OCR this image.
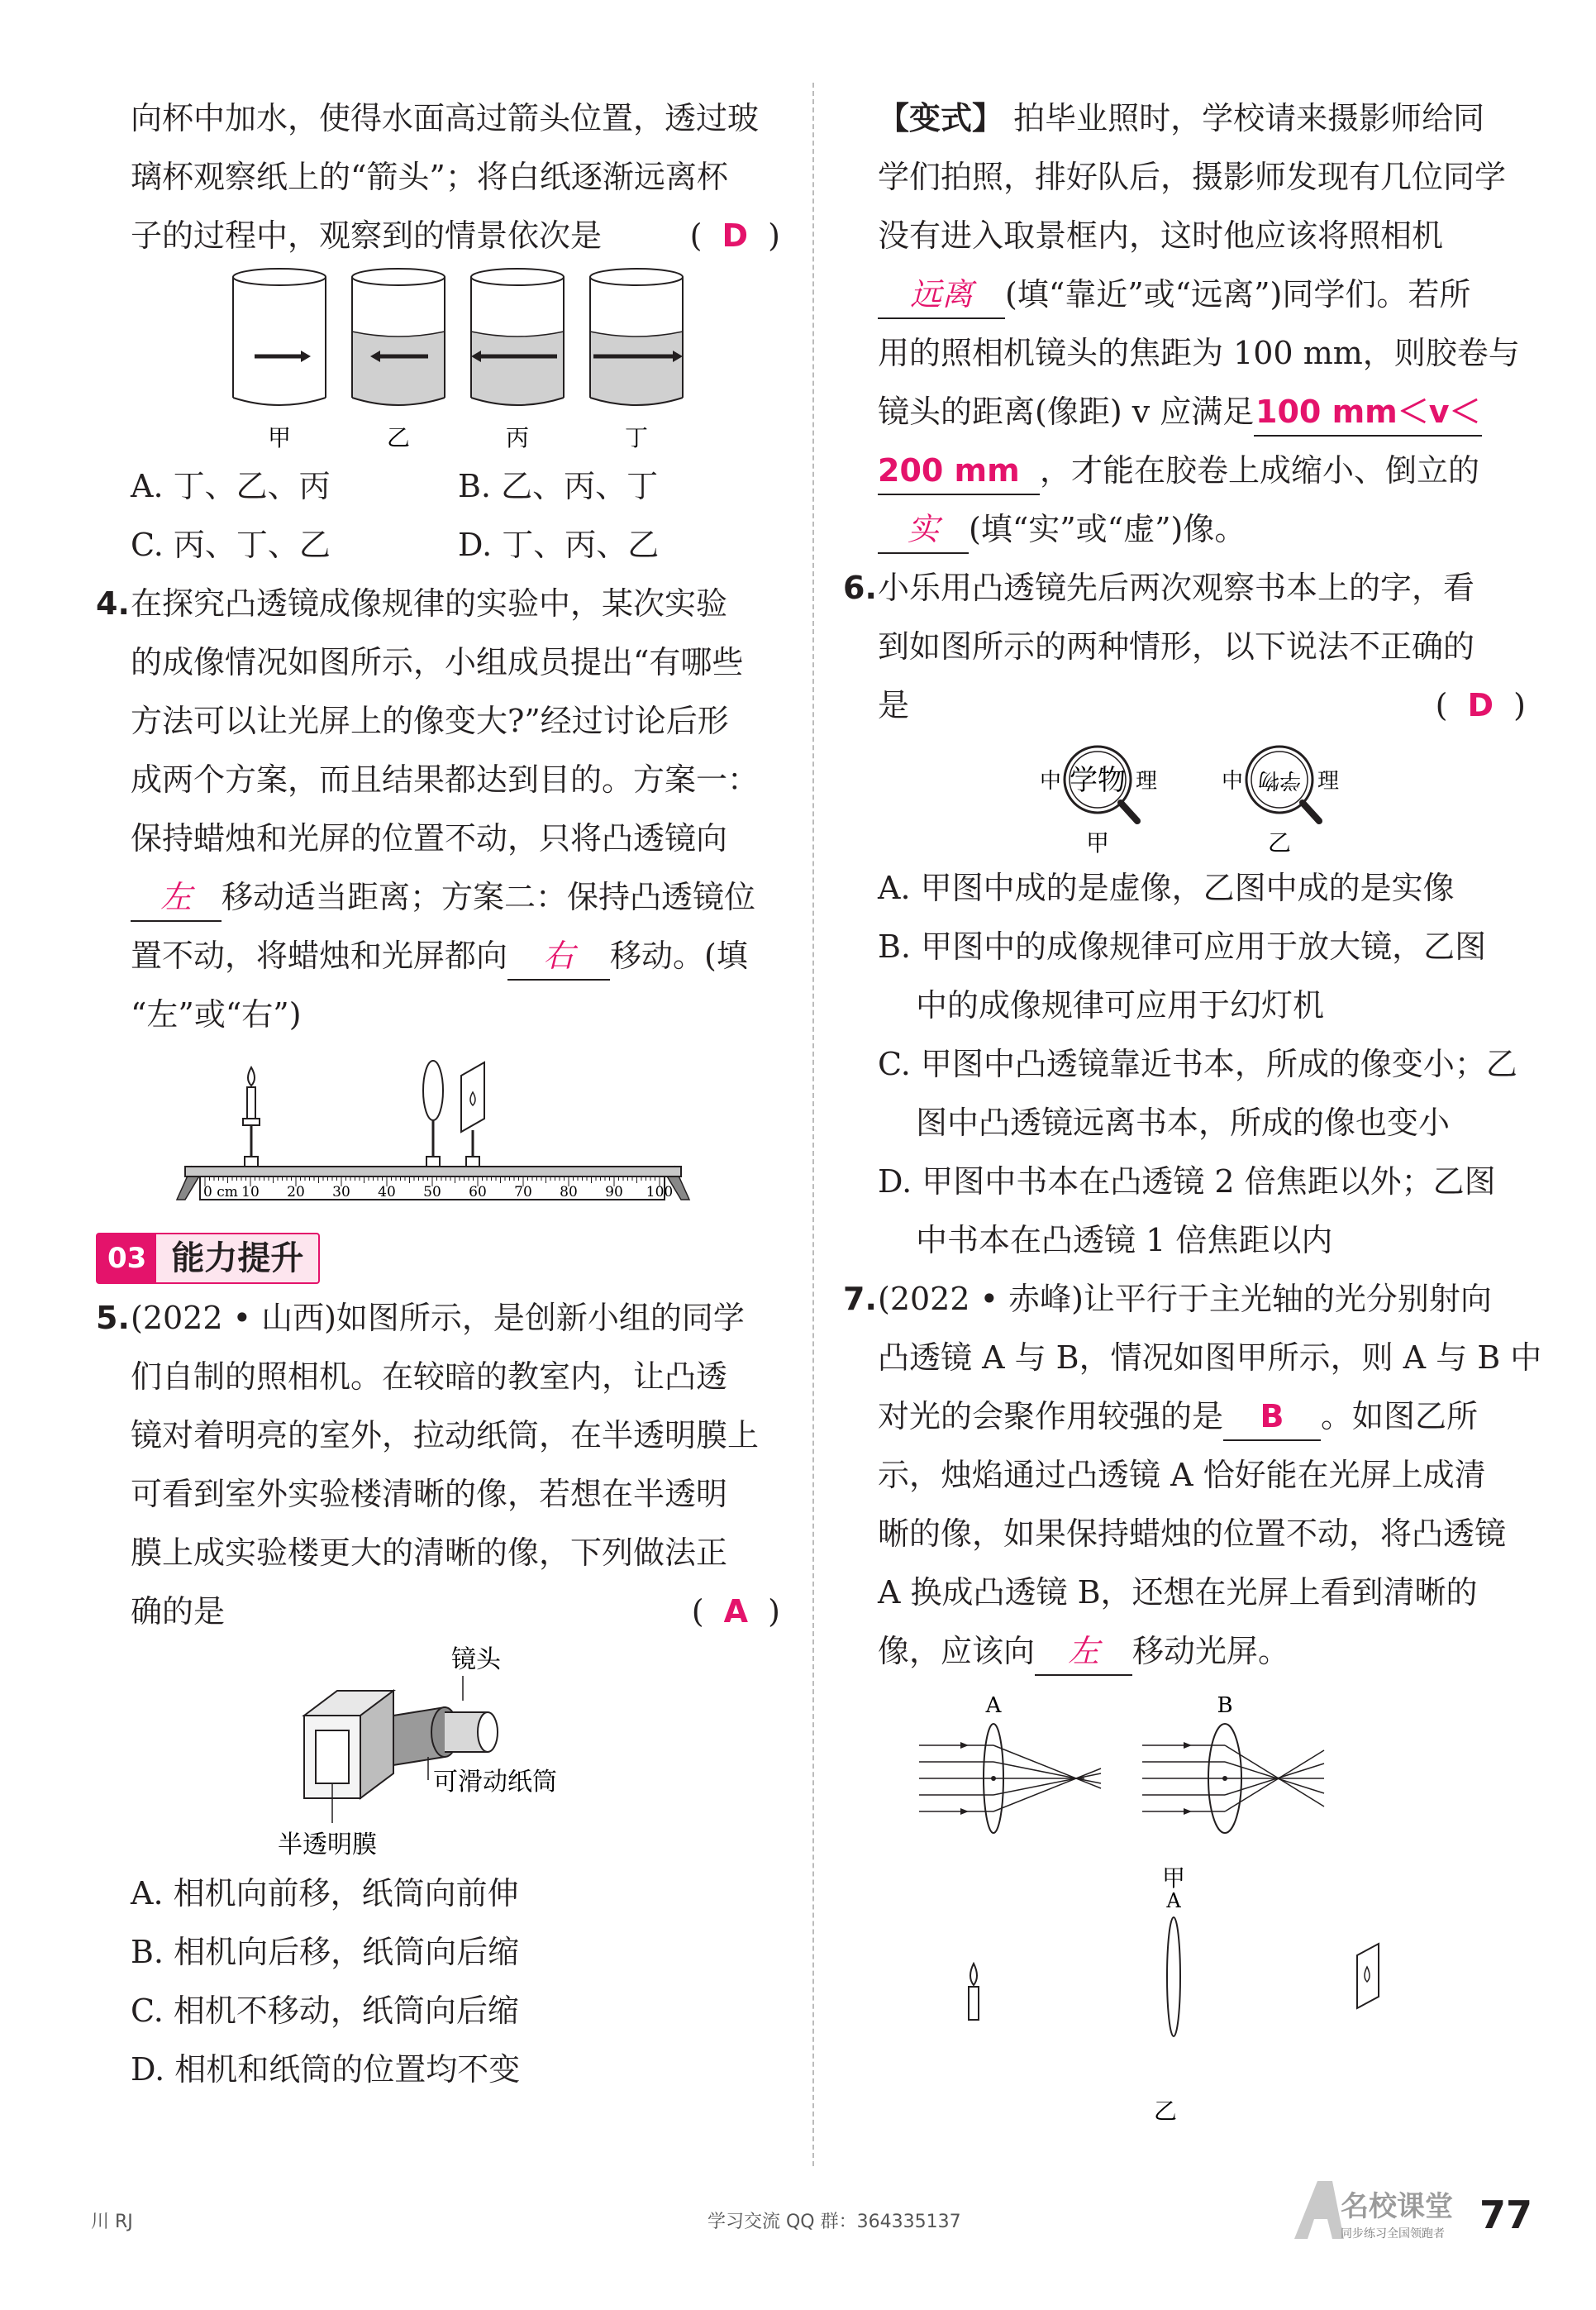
向杯中加水，使得水面高过箭头位置，透过玻
璃杯观察纸上的“箭头”；将白纸逐渐远离杯
子的过程中，观察到的情景依次是	( D )
甲	乙	丙	丁
A. 丁、乙、丙	B. 乙、丙、丁
C. 丙、丁、乙	D. 丁、丙、乙
4.在探究凸透镜成像规律的实验中，某次实验
的成像情况如图所示，小组成员提出“有哪些
方法可以让光屏上的像变大?”经过讨论后形
成两个方案，而且结果都达到目的。方案一：
保持蜡烛和光屏的位置不动，只将凸透镜向
左 移动适当距离；方案二：保持凸透镜位
置不动，将蜡烛和光屏都向 右 移动。(填
“左”或“右”)
0 cm 10 20 30 40 50 60 70 80 90 100
03 能力提升
5.(2022 • 山西)如图所示，是创新小组的同学
们自制的照相机。在较暗的教室内，让凸透
镜对着明亮的室外，拉动纸筒，在半透明膜上
可看到室外实验楼清晰的像，若想在半透明
膜上成实验楼更大的清晰的像，下列做法正
确的是	( A )
镜头
可滑动纸筒
半透明膜
A. 相机向前移，纸筒向前伸
B. 相机向后移，纸筒向后缩
C. 相机不移动，纸筒向后缩
D. 相机和纸筒的位置均不变
【变式】 拍毕业照时，学校请来摄影师给同
学们拍照，排好队后，摄影师发现有几位同学
没有进入取景框内，这时他应该将照相机
远离 (填“靠近”或“远离”)同学们。若所
用的照相机镜头的焦距为 100 mm，则胶卷与
镜头的距离(像距) v 应满足100 mm＜v＜
200 mm ，才能在胶卷上成缩小、倒立的
实 (填“实”或“虚”)像。
6.小乐用凸透镜先后两次观察书本上的字，看
到如图所示的两种情形，以下说法不正确的
是	( D )
中 学物 理
甲
中 学物 理
乙
A. 甲图中成的是虚像，乙图中成的是实像
B. 甲图中的成像规律可应用于放大镜，乙图
中的成像规律可应用于幻灯机
C. 甲图中凸透镜靠近书本，所成的像变小；乙
图中凸透镜远离书本，所成的像也变小
D. 甲图中书本在凸透镜 2 倍焦距以外；乙图
中书本在凸透镜 1 倍焦距以内
7.(2022 • 赤峰)让平行于主光轴的光分别射向
凸透镜 A 与 B，情况如图甲所示，则 A 与 B 中
对光的会聚作用较强的是 B 。如图乙所
示，烛焰通过凸透镜 A 恰好能在光屏上成清
晰的像，如果保持蜡烛的位置不动，将凸透镜
A 换成凸透镜 B，还想在光屏上看到清晰的
像，应该向 左 移动光屏。
A	B
甲
A
乙
川 RJ	学习交流 QQ 群：364335137	名校课堂
同步练习全国领跑者 77
